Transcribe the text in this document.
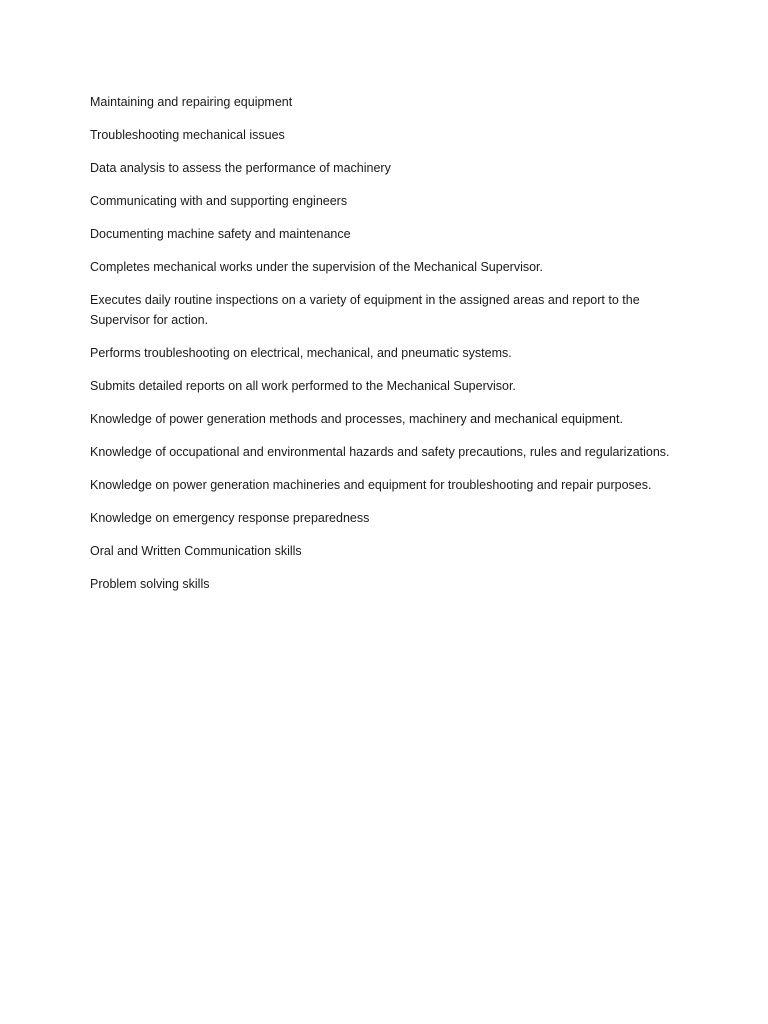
Maintaining and repairing equipment

Troubleshooting mechanical issues

Data analysis to assess the performance of machinery

Communicating with and supporting engineers

Documenting machine safety and maintenance

Completes mechanical works under the supervision of the Mechanical Supervisor.

Executes daily routine inspections on a variety of equipment in the assigned areas and report to the Supervisor for action.

Performs troubleshooting on electrical, mechanical, and pneumatic systems.

Submits detailed reports on all work performed to the Mechanical Supervisor.

Knowledge of power generation methods and processes, machinery and mechanical equipment.

Knowledge of occupational and environmental hazards and safety precautions, rules and regularizations.

Knowledge on power generation machineries and equipment for troubleshooting and repair purposes.

Knowledge on emergency response preparedness

Oral and Written Communication skills

Problem solving skills
